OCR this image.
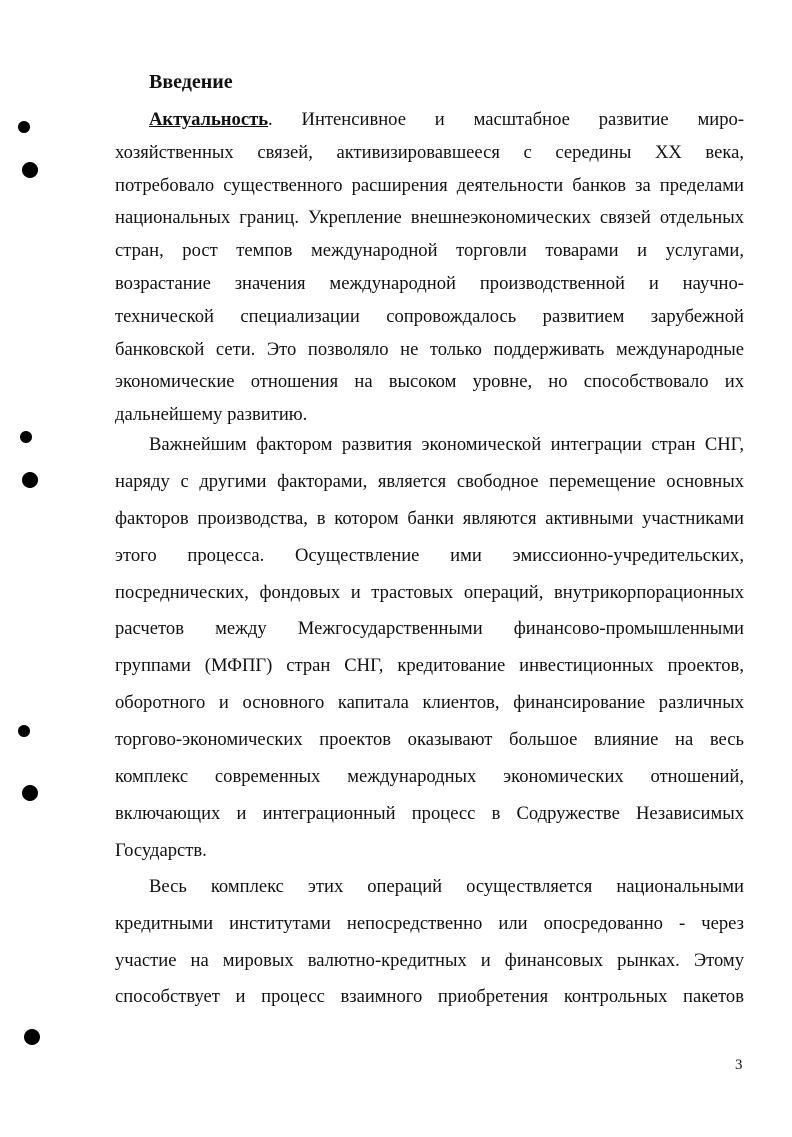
Введение
Актуальность. Интенсивное и масштабное развитие миро-
хозяйственных связей, активизировавшееся с середины XX века,
потребовало существенного расширения деятельности банков за пределами
национальных границ. Укрепление внешнеэкономических связей отдельных
стран, рост темпов международной торговли товарами и услугами,
возрастание значения международной производственной и научно-
технической специализации сопровождалось развитием зарубежной
банковской сети. Это позволяло не только поддерживать международные
экономические отношения на высоком уровне, но способствовало их
дальнейшему развитию.
Важнейшим фактором развития экономической интеграции стран СНГ,
наряду с другими факторами, является свободное перемещение основных
факторов производства, в котором банки являются активными участниками
этого процесса. Осуществление ими эмиссионно-учредительских,
посреднических, фондовых и трастовых операций, внутрикорпорационных
расчетов между Межгосударственными финансово-промышленными
группами (МФПГ) стран СНГ, кредитование инвестиционных проектов,
оборотного и основного капитала клиентов, финансирование различных
торгово-экономических проектов оказывают большое влияние на весь
комплекс современных международных экономических отношений,
включающих и интеграционный процесс в Содружестве Независимых
Государств.
Весь комплекс этих операций осуществляется национальными
кредитными институтами непосредственно или опосредованно - через
участие на мировых валютно-кредитных и финансовых рынках. Этому
способствует и процесс взаимного приобретения контрольных пакетов
3
